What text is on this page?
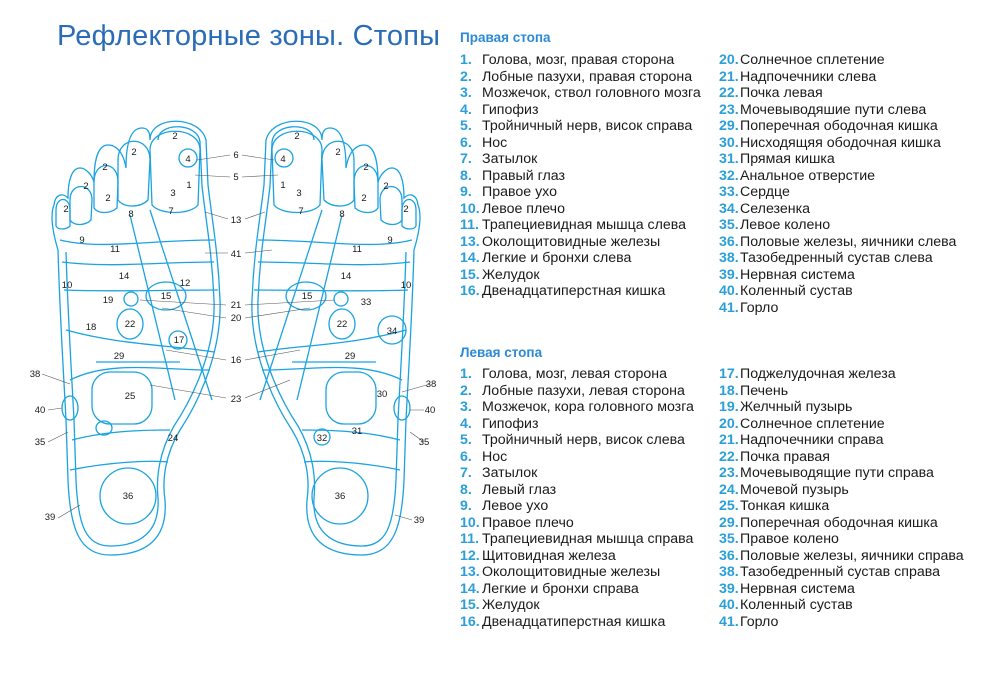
Рефлекторные зоны. Стопы
2
4
2
2
1
3
2
2	7
8
2
9
11
14
10	12
19	15
18	22
17
29
25
24
36
4
2
2
2
1
3
2
2
7	8
2
9
11
14
10
15
33
22
34
29
30
31
32
36
6
5
13
41
21
20
16
23
38
40
35
39
38
40
35
39
Правая стопа
1. Голова, мозг, правая сторона
2. Лобные пазухи, правая сторона
3. Мозжечок, ствол головного мозга
4. Гипофиз
5. Тройничный нерв, висок справа
6. Нос
7. Затылок
8. Правый глаз
9. Правое ухо
10. Левое плечо
11. Трапециевидная мышца слева
13. Околощитовидные железы
14. Легкие и бронхи слева
15. Желудок
16. Двенадцатиперстная кишка
20. Солнечное сплетение
21. Надпочечники слева
22. Почка левая
23. Мочевыводяшие пути слева
29. Поперечная ободочная кишка
30. Нисходящяя ободочная кишка
31. Прямая кишка
32. Анальное отверстие
33. Сердце
34. Селезенка
35. Левое колено
36. Половые железы, яичники слева
38. Тазобедренный сустав слева
39. Нервная система
40. Коленный сустав
41. Горло
Левая стопа
1. Голова, мозг, левая сторона
2. Лобные пазухи, левая сторона
3. Мозжечок, кора головного мозга
4. Гипофиз
5. Тройничный нерв, висок слева
6. Нос
7. Затылок
8. Левый глаз
9. Левое ухо
10. Правое плечо
11. Трапециевидная мышца справа
12. Щитовидная железа
13. Околощитовидные железы
14. Легкие и бронхи справа
15. Желудок
16. Двенадцатиперстная кишка
17. Поджелудочная железа
18. Печень
19. Желчный пузырь
20. Солнечное сплетение
21. Надпочечники справа
22. Почка правая
23. Мочевыводящие пути справа
24. Мочевой пузырь
25. Тонкая кишка
29. Поперечная ободочная кишка
35. Правое колено
36. Половые железы, яичники справа
38. Тазобедренный сустав справа
39. Нервная система
40. Коленный сустав
41. Горло
